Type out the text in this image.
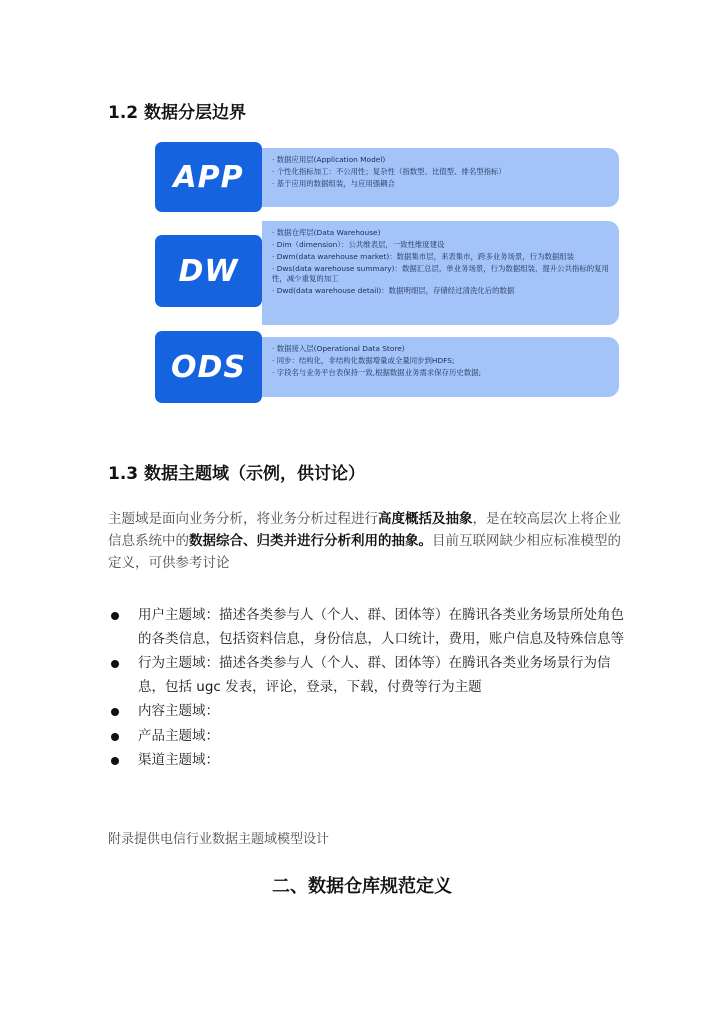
1.2 数据分层边界
APP	· 数据应用层(Application Model)
· 个性化指标加工：不公用性；复杂性（指数型、比值型、排名型指标）
· 基于应用的数据组装，与应用强耦合
DW
· 数据仓库层(Data Warehouse)
· Dim（dimension）：公共维表层，一致性维度建设
· Dwm(data warehouse market)：数据集市层，来表集市，跨多业务场景，行为数据组装
· Dws(data warehouse summary)：数据汇总层，单业务场景，行为数据组装，提升公共指标的复用性，减少重复的加工
· Dwd(data warehouse detail)：数据明细层，存储经过清洗化后的数据
ODS
· 数据接入层(Operational Data Store)
· 同步：结构化，非结构化数据增量或全量同步到HDFS;
· 字段名与业务平台表保持一致,根据数据业务需求保存历史数据;
1.3 数据主题域（示例，供讨论）
主题域是面向业务分析，将业务分析过程进行高度概括及抽象，是在较高层次上将企业信息系统中的数据综合、归类并进行分析利用的抽象。目前互联网缺少相应标准模型的定义，可供参考讨论
用户主题域：描述各类参与人（个人、群、团体等）在腾讯各类业务场景所处角色的各类信息，包括资料信息，身份信息，人口统计，费用，账户信息及特殊信息等
行为主题域：描述各类参与人（个人、群、团体等）在腾讯各类业务场景行为信息，包括 ugc 发表，评论，登录，下载，付费等行为主题
内容主题域：
产品主题域：
渠道主题域：
附录提供电信行业数据主题域模型设计
二、数据仓库规范定义
